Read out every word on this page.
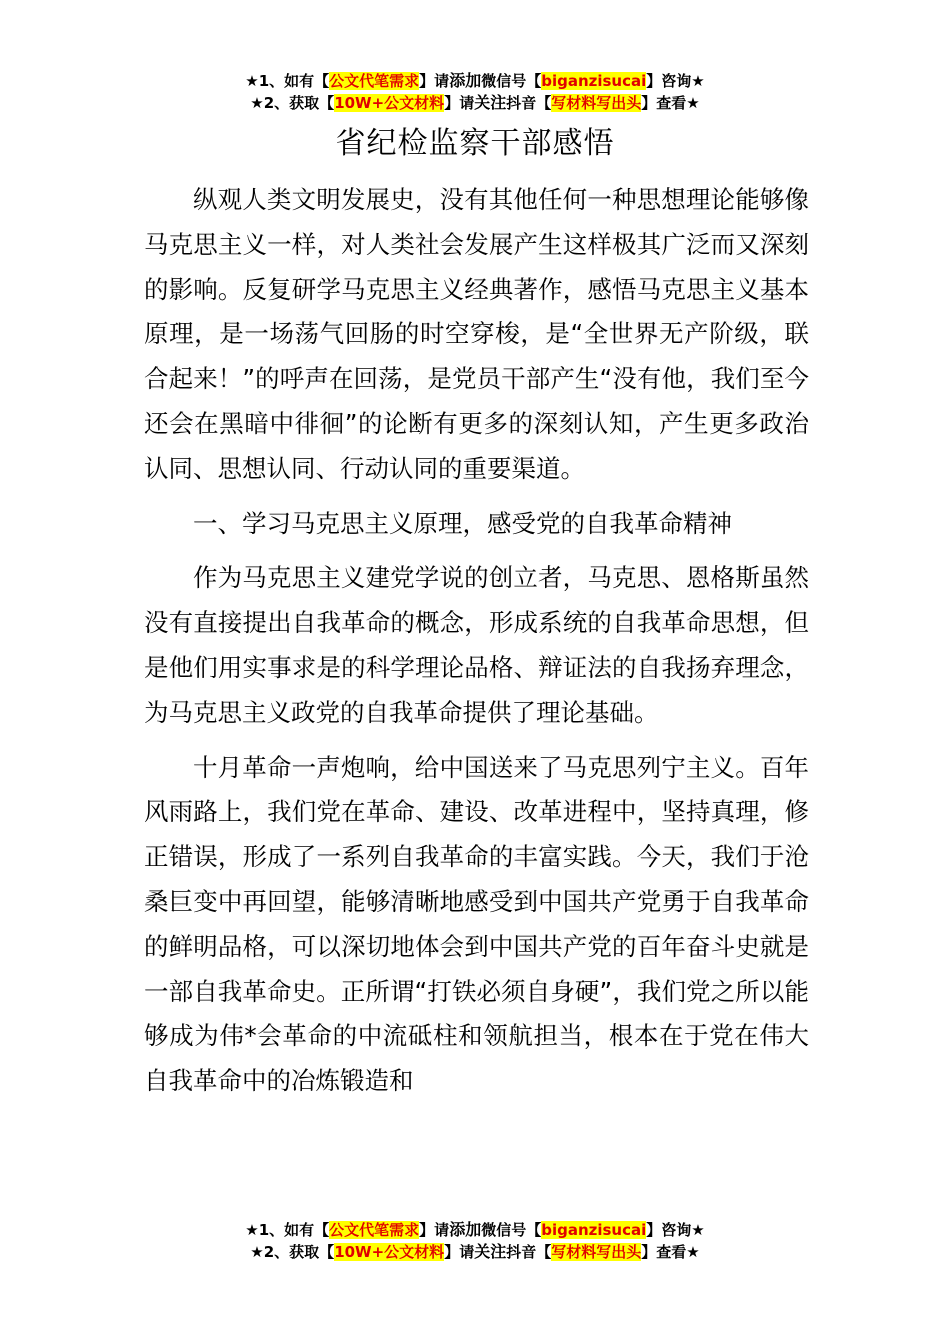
★1、如有【公文代笔需求】请添加微信号【biganzisucai】咨询★
★2、获取【10W+公文材料】请关注抖音【写材料写出头】查看★
省纪检监察干部感悟

纵观人类文明发展史，没有其他任何一种思想理论能够像马克思主义一样，对人类社会发展产生这样极其广泛而又深刻的影响。反复研学马克思主义经典著作，感悟马克思主义基本原理，是一场荡气回肠的时空穿梭，是“全世界无产阶级，联合起来！”的呼声在回荡，是党员干部产生“没有他，我们至今还会在黑暗中徘徊”的论断有更多的深刻认知，产生更多政治认同、思想认同、行动认同的重要渠道。

一、学习马克思主义原理，感受党的自我革命精神

作为马克思主义建党学说的创立者，马克思、恩格斯虽然没有直接提出自我革命的概念，形成系统的自我革命思想，但是他们用实事求是的科学理论品格、辩证法的自我扬弃理念，为马克思主义政党的自我革命提供了理论基础。

十月革命一声炮响，给中国送来了马克思列宁主义。百年风雨路上，我们党在革命、建设、改革进程中，坚持真理，修正错误，形成了一系列自我革命的丰富实践。今天，我们于沧桑巨变中再回望，能够清晰地感受到中国共产党勇于自我革命的鲜明品格，可以深切地体会到中国共产党的百年奋斗史就是一部自我革命史。正所谓“打铁必须自身硬”，我们党之所以能够成为伟*会革命的中流砥柱和领航担当，根本在于党在伟大自我革命中的冶炼锻造和

★1、如有【公文代笔需求】请添加微信号【biganzisucai】咨询★
★2、获取【10W+公文材料】请关注抖音【写材料写出头】查看★
